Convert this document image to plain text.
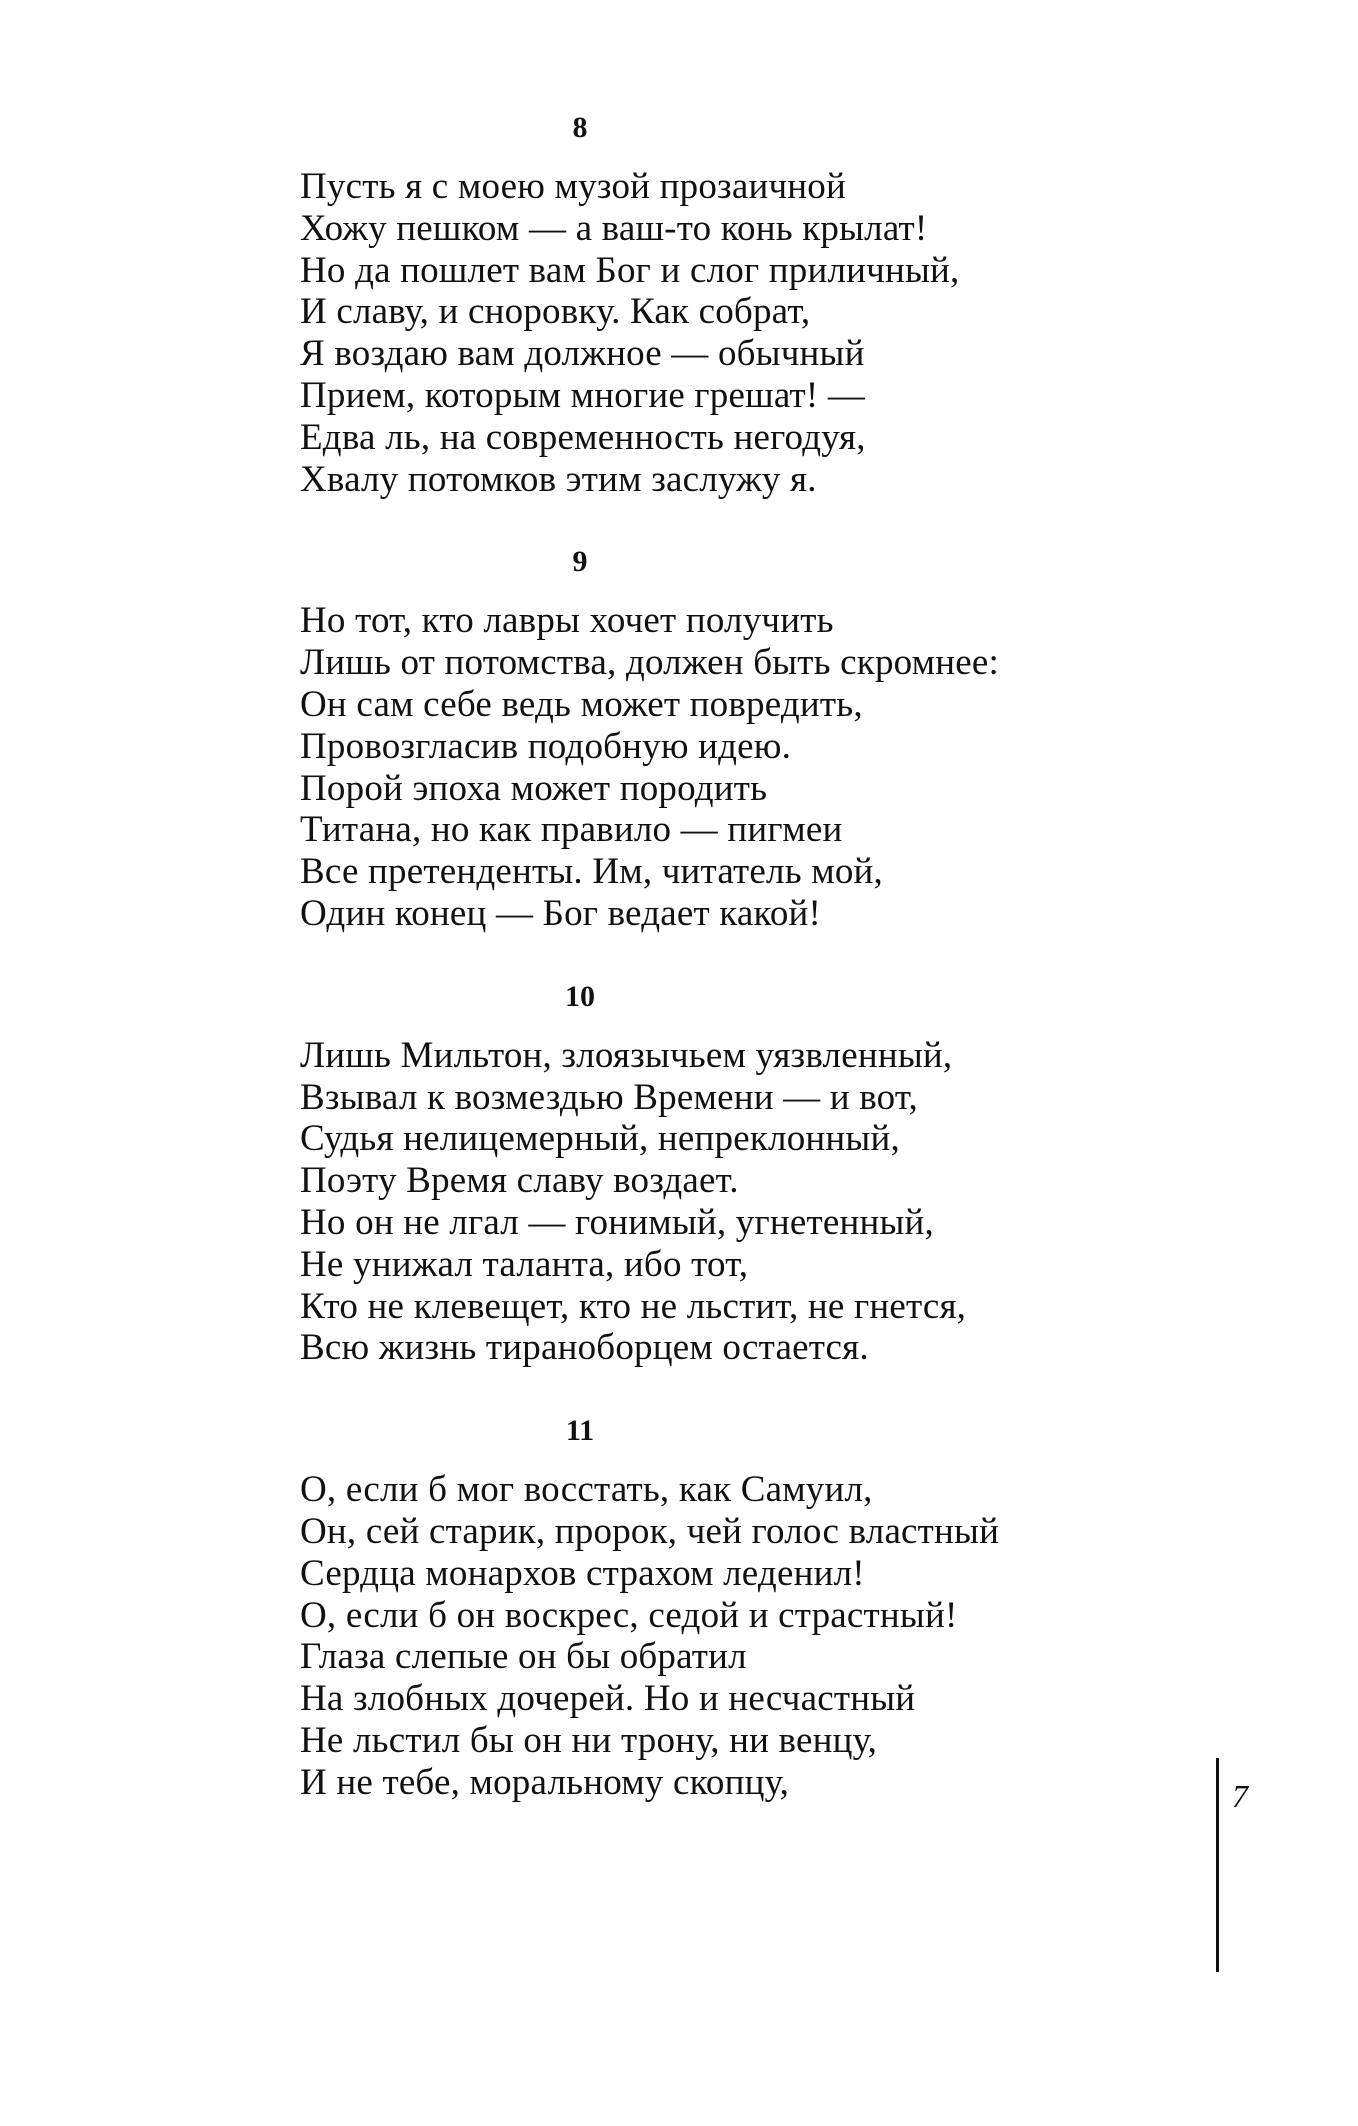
8
Пусть я с моею музой прозаичной
Хожу пешком — а ваш-то конь крылат!
Но да пошлет вам Бог и слог приличный,
И славу, и сноровку. Как собрат,
Я воздаю вам должное — обычный
Прием, которым многие грешат! —
Едва ль, на современность негодуя,
Хвалу потомков этим заслужу я.
9
Но тот, кто лавры хочет получить
Лишь от потомства, должен быть скромнее:
Он сам себе ведь может повредить,
Провозгласив подобную идею.
Порой эпоха может породить
Титана, но как правило — пигмеи
Все претенденты. Им, читатель мой,
Один конец — Бог ведает какой!
10
Лишь Мильтон, злоязычьем уязвленный,
Взывал к возмездью Времени — и вот,
Судья нелицемерный, непреклонный,
Поэту Время славу воздает.
Но он не лгал — гонимый, угнетенный,
Не унижал таланта, ибо тот,
Кто не клевещет, кто не льстит, не гнется,
Всю жизнь тираноборцем остается.
11
О, если б мог восстать, как Самуил,
Он, сей старик, пророк, чей голос властный
Сердца монархов страхом леденил!
О, если б он воскрес, седой и страстный!
Глаза слепые он бы обратил
На злобных дочерей. Но и несчастный
Не льстил бы он ни трону, ни венцу,
И не тебе, моральному скопцу,	7
